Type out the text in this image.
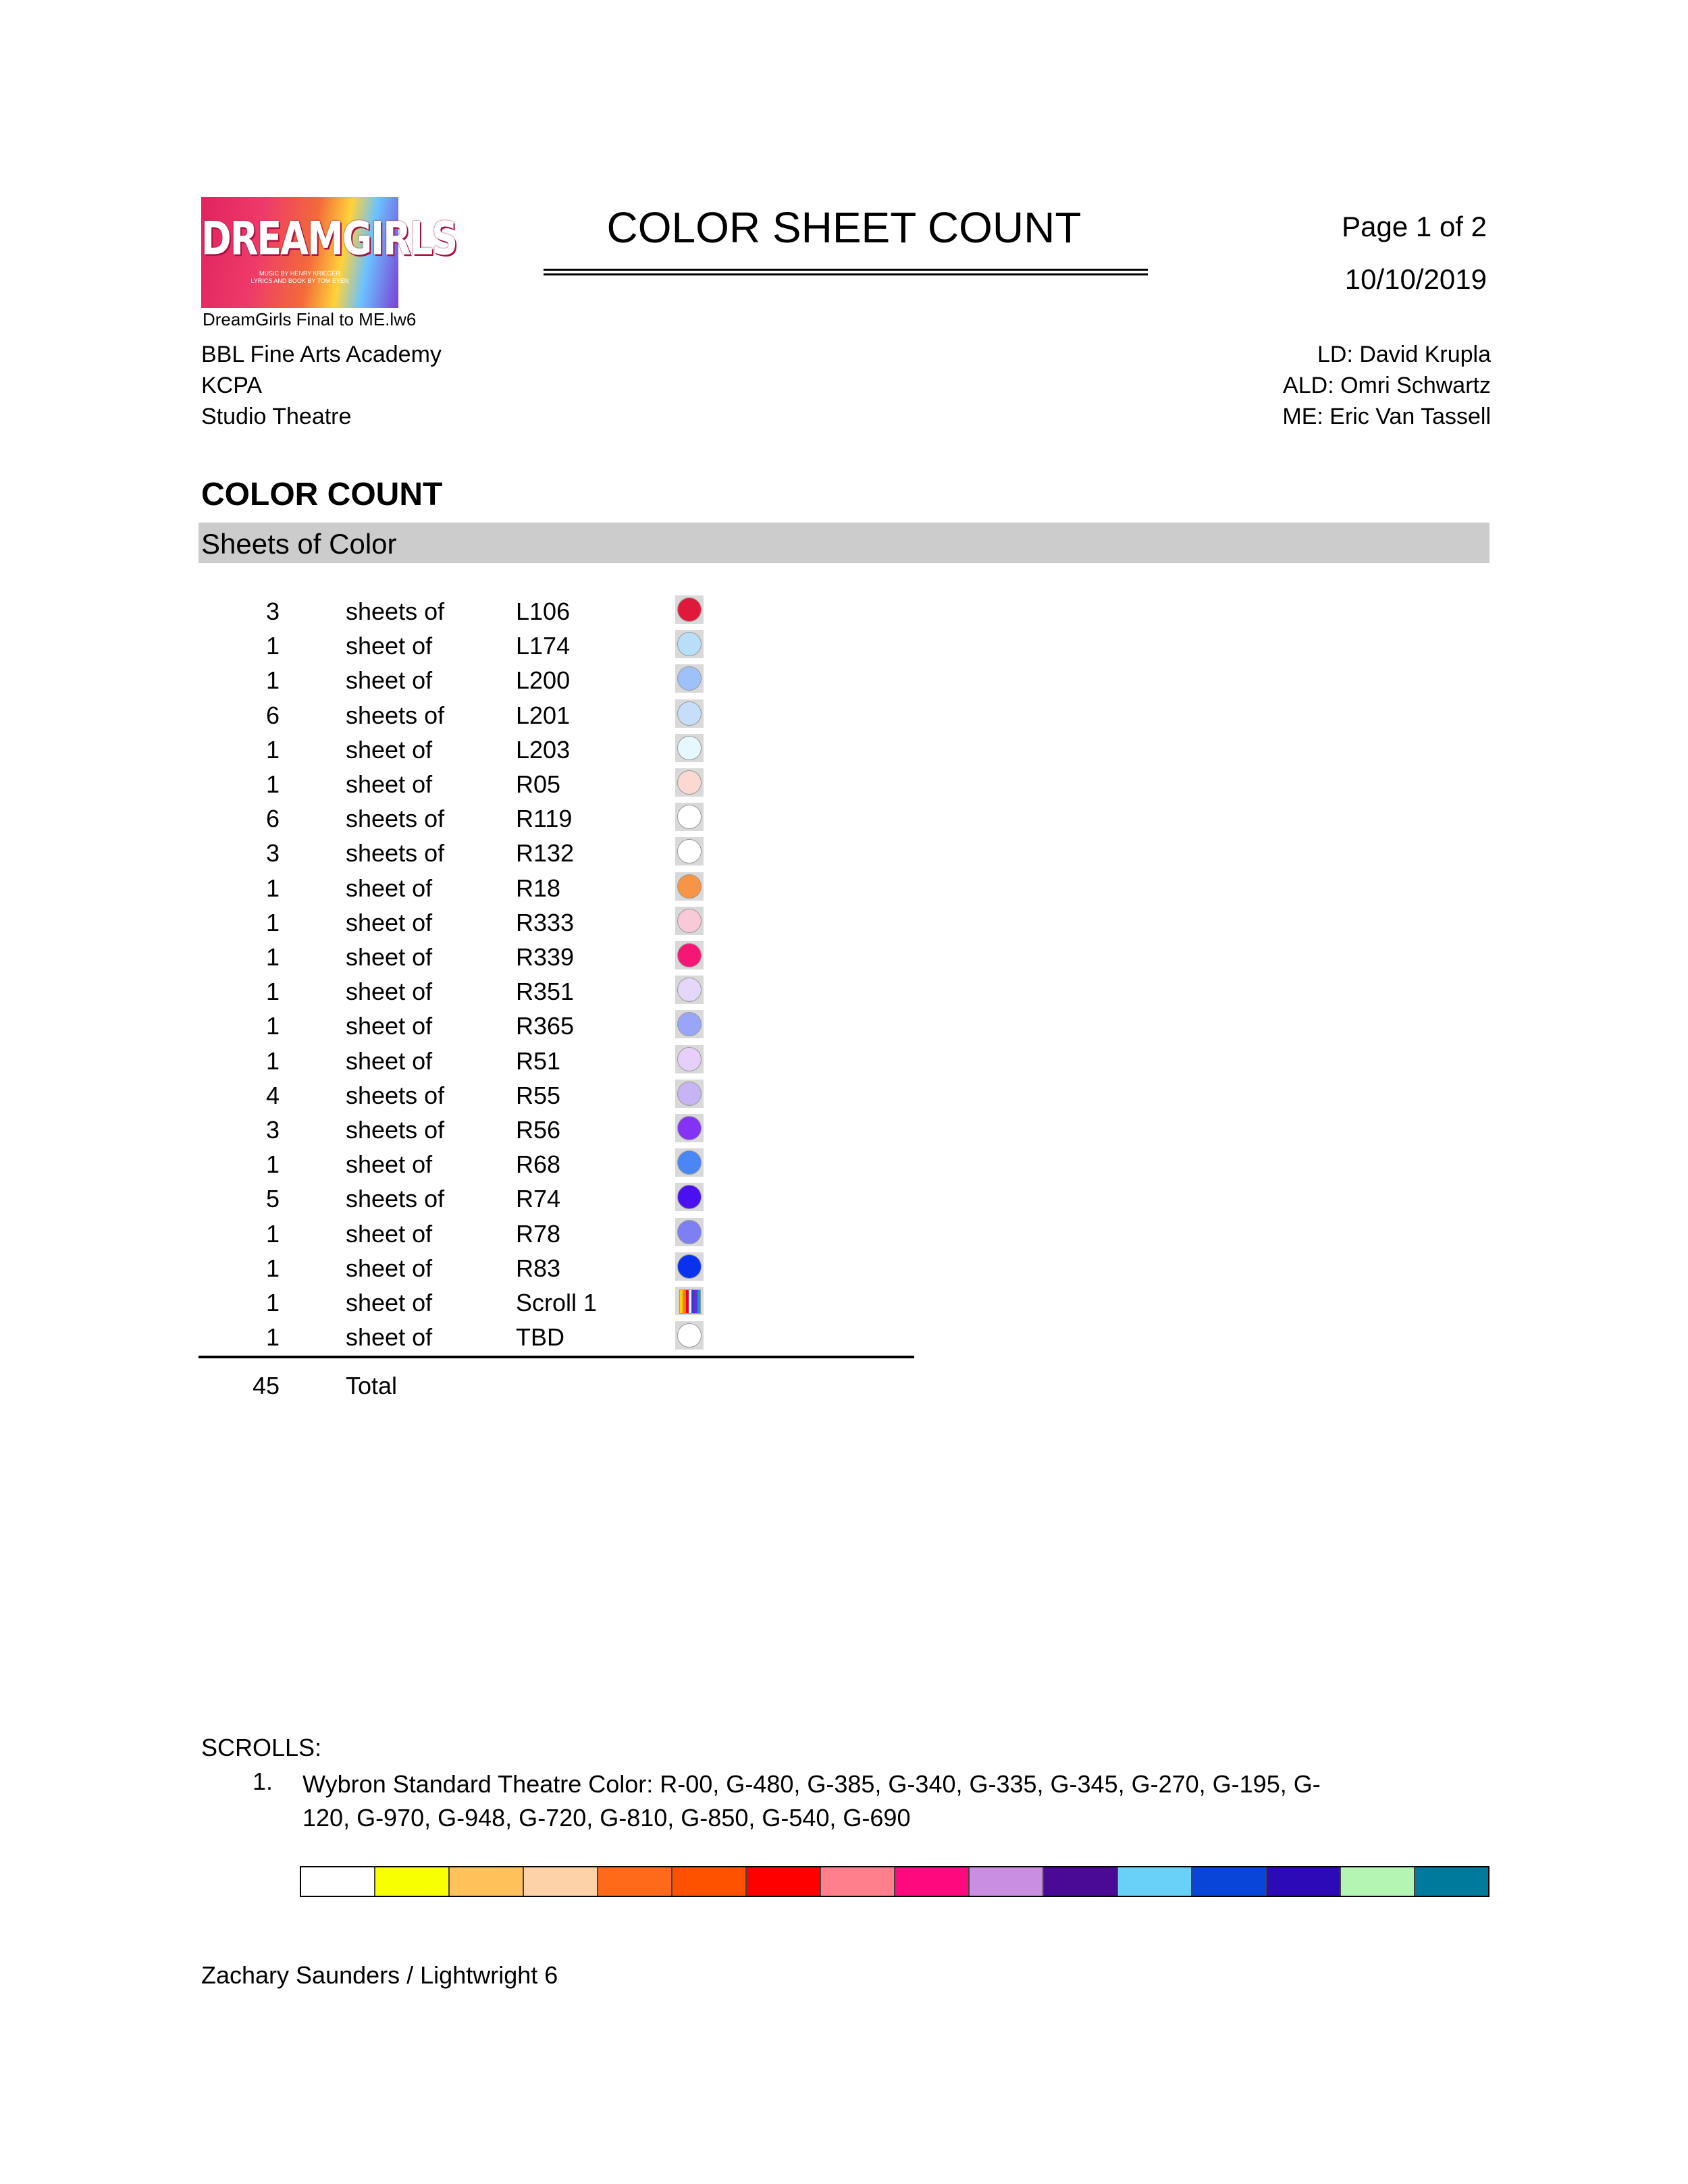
DREAMGIRLS
MUSIC BY HENRY KRIEGER
LYRICS AND BOOK BY TOM EYEN
DreamGirls Final to ME.lw6
COLOR SHEET COUNT	Page 1 of 2
10/10/2019
BBL Fine Arts Academy
KCPA
Studio Theatre
LD: David Krupla
ALD: Omri Schwartz
ME: Eric Van Tassell
COLOR COUNT
Sheets of Color
3	sheets of	L106
1	sheet of	L174
1	sheet of	L200
6	sheets of	L201
1	sheet of	L203
1	sheet of	R05
6	sheets of	R119
3	sheets of	R132
1	sheet of	R18
1	sheet of	R333
1	sheet of	R339
1	sheet of	R351
1	sheet of	R365
1	sheet of	R51
4	sheets of	R55
3	sheets of	R56
1	sheet of	R68
5	sheets of	R74
1	sheet of	R78
1	sheet of	R83
1	sheet of	Scroll 1
1	sheet of	TBD
45	Total
SCROLLS:
1. Wybron Standard Theatre Color: R-00, G-480, G-385, G-340, G-335, G-345, G-270, G-195, G-120, G-970, G-948, G-720, G-810, G-850, G-540, G-690
Zachary Saunders / Lightwright 6
